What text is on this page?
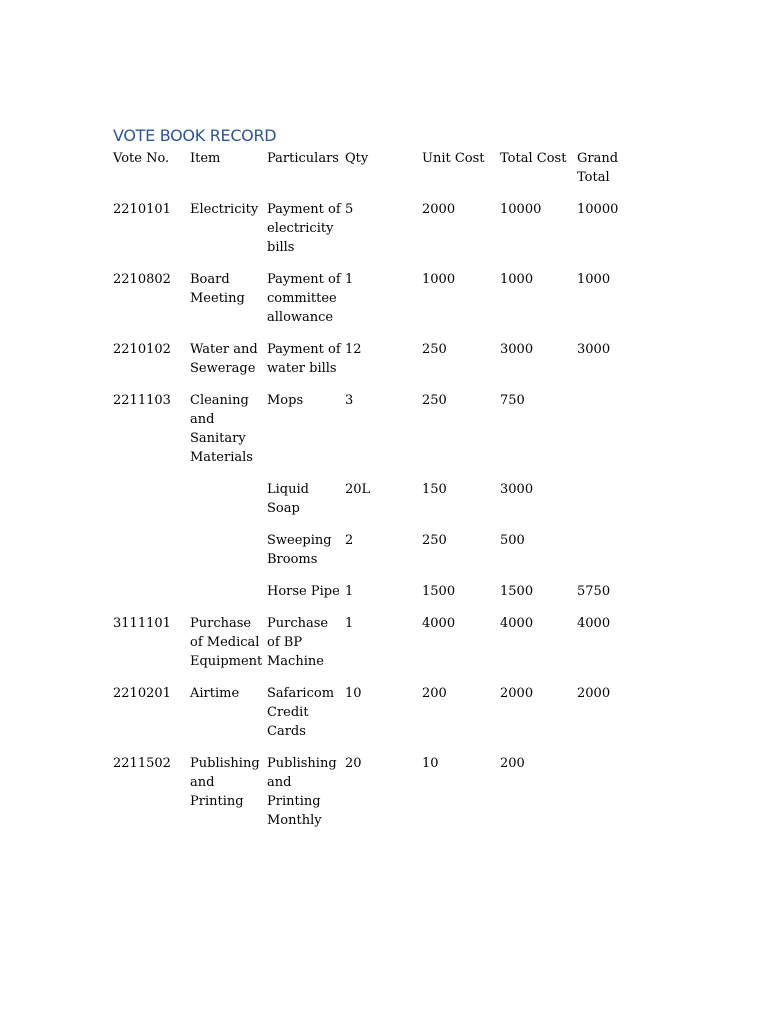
VOTE BOOK RECORD
Vote No.	Item	Particulars	Qty	Unit Cost	Total Cost	Grand Total

2210101	Electricity	Payment of electricity bills	5	2000	10000	10000

2210802	Board Meeting	Payment of committee allowance	1	1000	1000	1000

2210102	Water and Sewerage	Payment of water bills	12	250	3000	3000

2211103	Cleaning and Sanitary Materials	Mops	3	250	750	

		Liquid Soap	20L	150	3000	

		Sweeping Brooms	2	250	500	

		Horse Pipe	1	1500	1500	5750

3111101	Purchase of Medical Equipment	Purchase of BP Machine	1	4000	4000	4000

2210201	Airtime	Safaricom Credit Cards	10	200	2000	2000

2211502	Publishing and Printing	Publishing and Printing Monthly	20	10	200	
